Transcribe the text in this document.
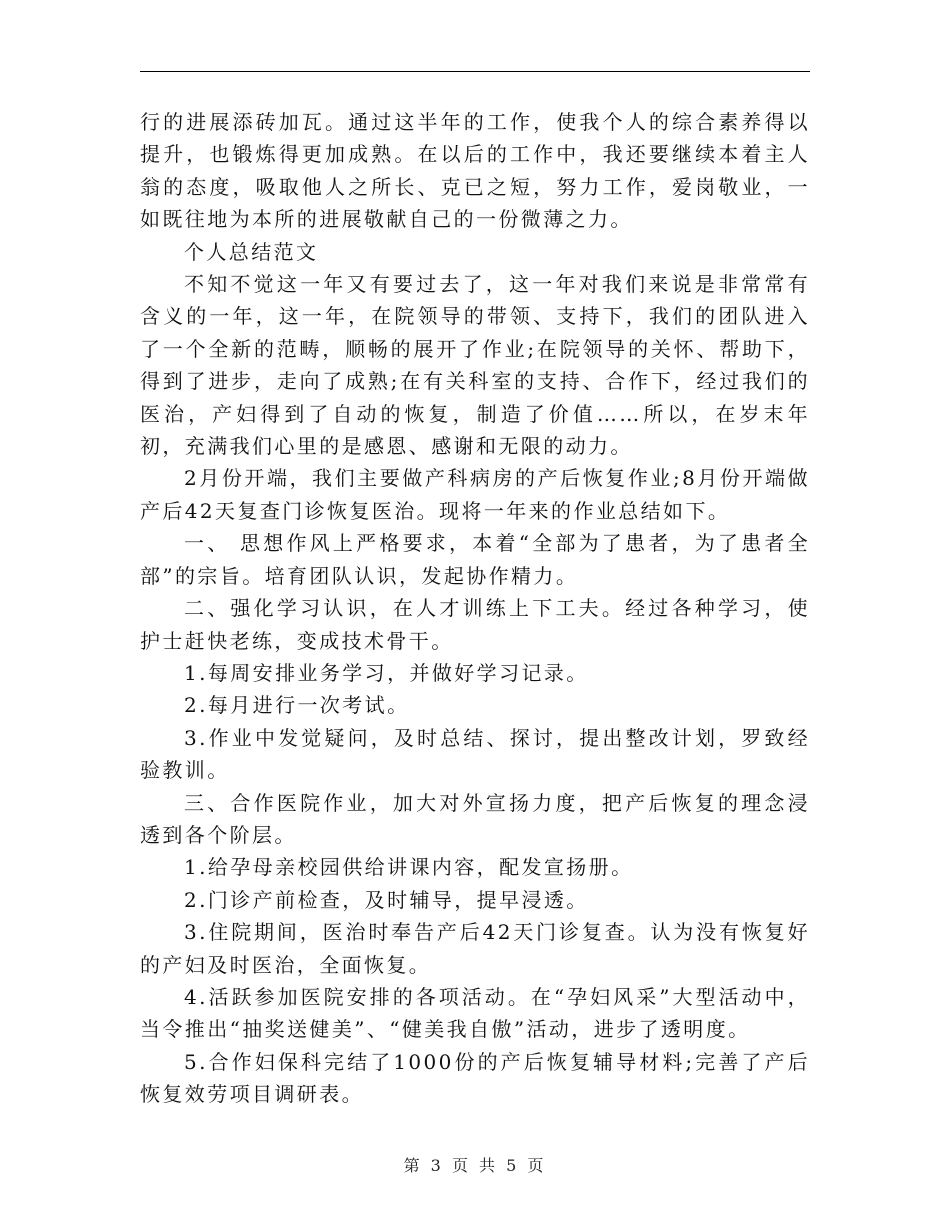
行的进展添砖加瓦。通过这半年的工作，使我个人的综合素养得以提升，也锻炼得更加成熟。在以后的工作中，我还要继续本着主人翁的态度，吸取他人之所长、克已之短，努力工作，爱岗敬业，一如既往地为本所的进展敬献自己的一份微薄之力。

个人总结范文

不知不觉这一年又有要过去了，这一年对我们来说是非常常有含义的一年，这一年，在院领导的带领、支持下，我们的团队进入了一个全新的范畴，顺畅的展开了作业;在院领导的关怀、帮助下，得到了进步，走向了成熟;在有关科室的支持、合作下，经过我们的医治，产妇得到了自动的恢复，制造了价值……所以，在岁末年初，充满我们心里的是感恩、感谢和无限的动力。

2月份开端，我们主要做产科病房的产后恢复作业;8月份开端做产后42天复查门诊恢复医治。现将一年来的作业总结如下。

一、 思想作风上严格要求，本着“全部为了患者，为了患者全部”的宗旨。培育团队认识，发起协作精力。

二、强化学习认识，在人才训练上下工夫。经过各种学习，使护士赶快老练，变成技术骨干。

1.每周安排业务学习，并做好学习记录。

2.每月进行一次考试。

3.作业中发觉疑问，及时总结、探讨，提出整改计划，罗致经验教训。

三、合作医院作业，加大对外宣扬力度，把产后恢复的理念浸透到各个阶层。

1.给孕母亲校园供给讲课内容，配发宣扬册。

2.门诊产前检查，及时辅导，提早浸透。

3.住院期间，医治时奉告产后42天门诊复查。认为没有恢复好的产妇及时医治，全面恢复。

4.活跃参加医院安排的各项活动。在“孕妇风采”大型活动中，当令推出“抽奖送健美”、“健美我自傲”活动，进步了透明度。

5.合作妇保科完结了1000份的产后恢复辅导材料;完善了产后恢复效劳项目调研表。

第 3 页 共 5 页
